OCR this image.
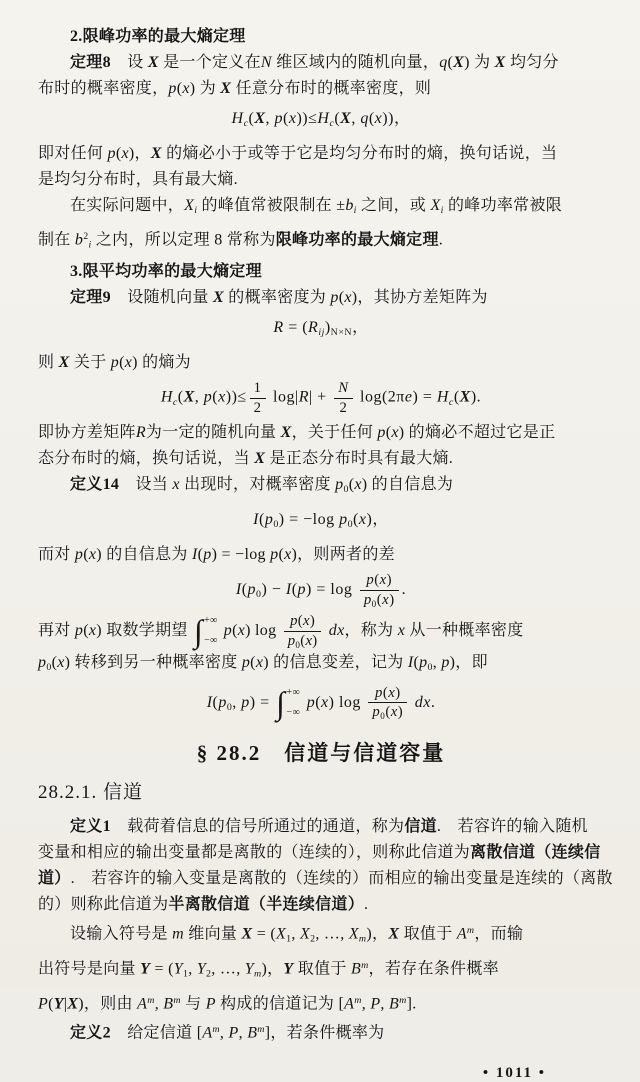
2.限峰功率的最大熵定理
定理8　设 X 是一个定义在N 维区域内的随机向量，q(X) 为 X 均匀分
布时的概率密度，p(x) 为 X 任意分布时的概率密度，则
Hc(X, p(x))≤Hc(X, q(x))，
即对任何 p(x)，X 的熵必小于或等于它是均匀分布时的熵，换句话说，当
是均匀分布时，具有最大熵.
在实际问题中，Xi 的峰值常被限制在 ±bi 之间，或 Xi 的峰功率常被限
制在 $b^2i$ 之内，所以定理 8 常称为限峰功率的最大熵定理.
3.限平均功率的最大熵定理
定理9　设随机向量 X 的概率密度为 p(x)，其协方差矩阵为
R = (Rij)N×N，
则 X 关于 p(x) 的熵为
Hc(X, $p(x))\le \frac{1}{2} \log|R| + \frac{N}{2} \log(2\pi e) = Hc(X)$.
即协方差矩阵R为一定的随机向量 X，关于任何 p(x) 的熵必不超过它是正
态分布时的熵，换句话说，当 X 是正态分布时具有最大熵.
定义14　设当 x 出现时，对概率密度 p0(x) 的自信息为
I(p0) = −log p0(x)，
而对 p(x) 的自信息为 I(p) = −log p(x)，则两者的差
$I(p0) - I(p) = \log \frac{p(x)}{p0(x)}$ .
再对 p(x) 取数学期望 ∫ +∞
−∞
p(x) $\log \frac{p(x)}{p0(x)}$ dx，称为 x 从一种概率密度
p0(x) 转移到另一种概率密度 p(x) 的信息变差，记为 I(p0, p)，即
I(p0, p) = ∫ +∞
−∞
p(x) $\log \frac{p(x)}{p0(x)}$ dx.
§ 28.2　信道与信道容量
28.2.1. 信道
定义1　载荷着信息的信号所通过的通道，称为信道.　若容许的输入随机
变量和相应的输出变量都是离散的（连续的），则称此信道为离散信道（连续信
道）.　若容许的输入变量是离散的（连续的）而相应的输出变量是连续的（离散
的）则称此信道为半离散信道（半连续信道）.
设输入符号是 m 维向量 X = (X1, X2, …, Xm)，X 取值于 $A^m$，而输
出符号是向量 Y = (Y1, Y2, …, Ym)，Y 取值于 $B^m$，若存在条件概率
P(Y|X)，则由 $A^m$, $B^m$ 与 P 构成的信道记为 [$A^m$, P, $B^m$].
定义2　给定信道 [$A^m$, P, $B^m$]，若条件概率为
• 1011 •
